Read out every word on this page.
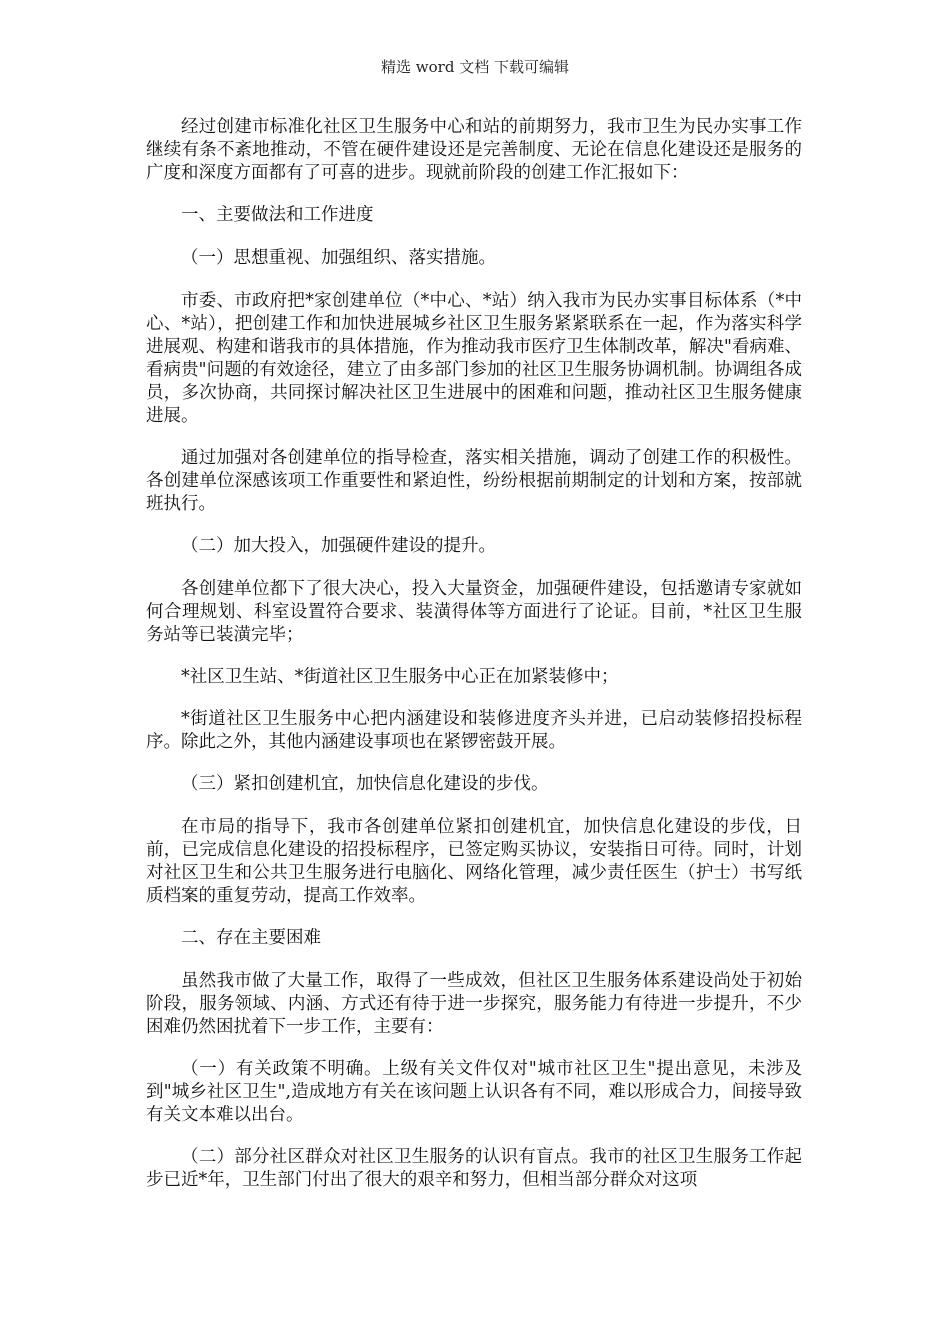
精选 word 文档 下载可编辑

经过创建市标准化社区卫生服务中心和站的前期努力，我市卫生为民办实事工作继续有条不紊地推动，不管在硬件建设还是完善制度、无论在信息化建设还是服务的广度和深度方面都有了可喜的进步。现就前阶段的创建工作汇报如下：

一、主要做法和工作进度

（一）思想重视、加强组织、落实措施。

市委、市政府把*家创建单位（*中心、*站）纳入我市为民办实事目标体系（*中心、*站），把创建工作和加快进展城乡社区卫生服务紧紧联系在一起，作为落实科学进展观、构建和谐我市的具体措施，作为推动我市医疗卫生体制改革，解决"看病难、看病贵"问题的有效途径，建立了由多部门参加的社区卫生服务协调机制。协调组各成员，多次协商，共同探讨解决社区卫生进展中的困难和问题，推动社区卫生服务健康进展。

通过加强对各创建单位的指导检查，落实相关措施，调动了创建工作的积极性。各创建单位深感该项工作重要性和紧迫性，纷纷根据前期制定的计划和方案，按部就班执行。

（二）加大投入，加强硬件建设的提升。

各创建单位都下了很大决心，投入大量资金，加强硬件建设，包括邀请专家就如何合理规划、科室设置符合要求、装潢得体等方面进行了论证。目前，*社区卫生服务站等已装潢完毕；

*社区卫生站、*街道社区卫生服务中心正在加紧装修中；

*街道社区卫生服务中心把内涵建设和装修进度齐头并进，已启动装修招投标程序。除此之外，其他内涵建设事项也在紧锣密鼓开展。

（三）紧扣创建机宜，加快信息化建设的步伐。

在市局的指导下，我市各创建单位紧扣创建机宜，加快信息化建设的步伐，日前，已完成信息化建设的招投标程序，已签定购买协议，安装指日可待。同时，计划对社区卫生和公共卫生服务进行电脑化、网络化管理，减少责任医生（护士）书写纸质档案的重复劳动，提高工作效率。

二、存在主要困难

虽然我市做了大量工作，取得了一些成效，但社区卫生服务体系建设尚处于初始阶段，服务领域、内涵、方式还有待于进一步探究，服务能力有待进一步提升，不少困难仍然困扰着下一步工作，主要有：

（一）有关政策不明确。上级有关文件仅对"城市社区卫生"提出意见，未涉及到"城乡社区卫生",造成地方有关在该问题上认识各有不同，难以形成合力，间接导致有关文本难以出台。

（二）部分社区群众对社区卫生服务的认识有盲点。我市的社区卫生服务工作起步已近*年，卫生部门付出了很大的艰辛和努力，但相当部分群众对这项
